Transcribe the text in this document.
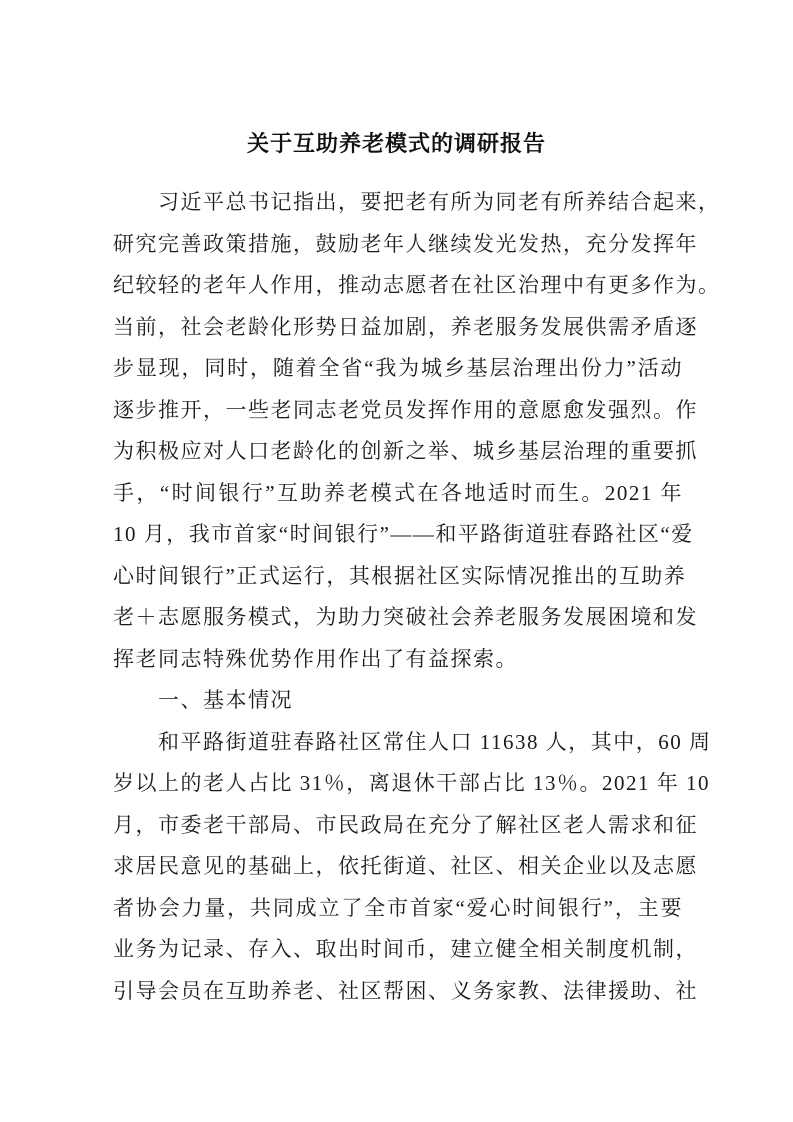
关于互助养老模式的调研报告
习近平总书记指出，要把老有所为同老有所养结合起来，
研究完善政策措施，鼓励老年人继续发光发热，充分发挥年
纪较轻的老年人作用，推动志愿者在社区治理中有更多作为。
当前，社会老龄化形势日益加剧，养老服务发展供需矛盾逐
步显现，同时，随着全省“我为城乡基层治理出份力”活动
逐步推开，一些老同志老党员发挥作用的意愿愈发强烈。作
为积极应对人口老龄化的创新之举、城乡基层治理的重要抓
手，“时间银行”互助养老模式在各地适时而生。2021 年
10 月，我市首家“时间银行”——和平路街道驻春路社区“爱
心时间银行”正式运行，其根据社区实际情况推出的互助养
老＋志愿服务模式，为助力突破社会养老服务发展困境和发
挥老同志特殊优势作用作出了有益探索。
一、基本情况
和平路街道驻春路社区常住人口 11638 人，其中，60 周
岁以上的老人占比 31％，离退休干部占比 13％。2021 年 10
月，市委老干部局、市民政局在充分了解社区老人需求和征
求居民意见的基础上，依托街道、社区、相关企业以及志愿
者协会力量，共同成立了全市首家“爱心时间银行”，主要
业务为记录、存入、取出时间币，建立健全相关制度机制，
引导会员在互助养老、社区帮困、义务家教、法律援助、社
